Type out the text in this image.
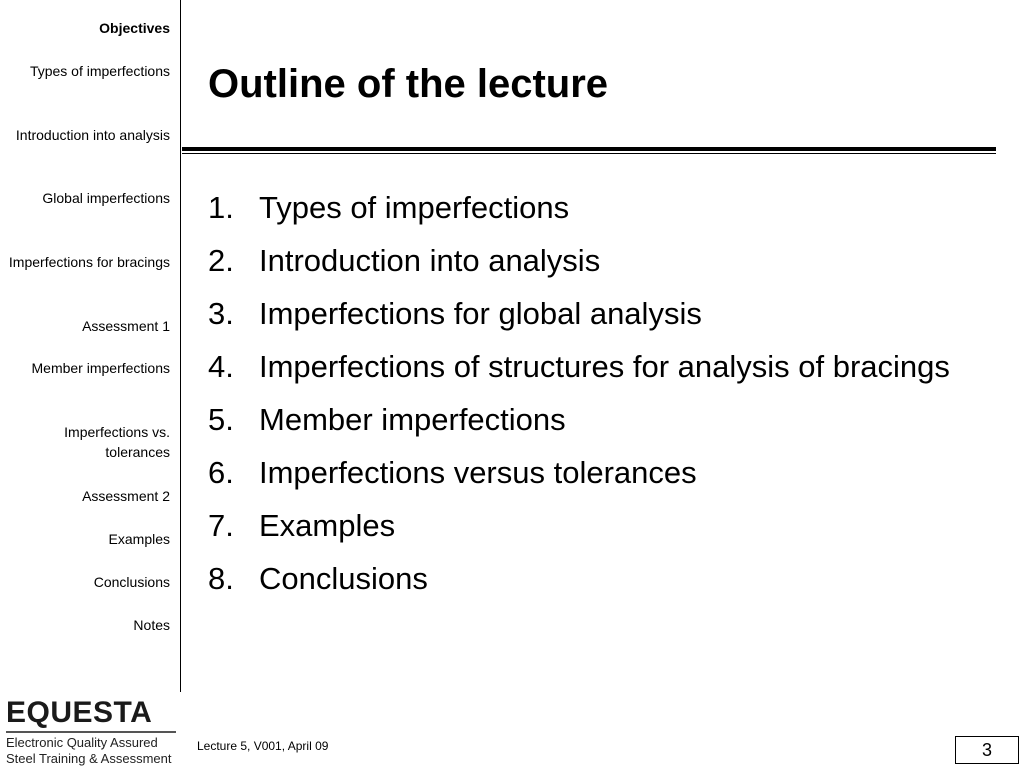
Objectives
Types of imperfections
Introduction into analysis
Global imperfections
Imperfections for bracings
Assessment 1
Member imperfections
Imperfections vs. tolerances
Assessment 2
Examples
Conclusions
Notes
Outline of the lecture
1. Types of imperfections
2. Introduction into analysis
3. Imperfections for global analysis
4. Imperfections of structures for analysis of bracings
5. Member imperfections
6. Imperfections versus tolerances
7. Examples
8. Conclusions
EQUESTA
Electronic Quality Assured
Steel Training & Assessment
Lecture 5, V001, April 09	3
